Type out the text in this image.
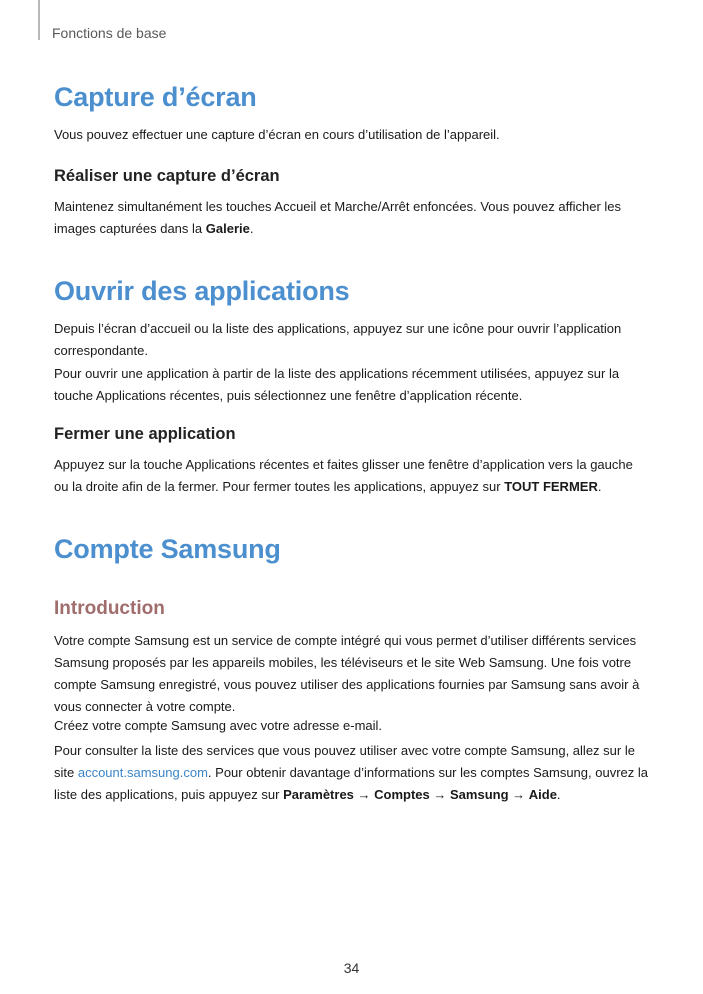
Fonctions de base
Capture d’écran

Vous pouvez effectuer une capture d’écran en cours d’utilisation de l’appareil.

Réaliser une capture d’écran

Maintenez simultanément les touches Accueil et Marche/Arrêt enfoncées. Vous pouvez afficher les images capturées dans la Galerie.

Ouvrir des applications

Depuis l’écran d’accueil ou la liste des applications, appuyez sur une icône pour ouvrir l’application correspondante.

Pour ouvrir une application à partir de la liste des applications récemment utilisées, appuyez sur la touche Applications récentes, puis sélectionnez une fenêtre d’application récente.

Fermer une application

Appuyez sur la touche Applications récentes et faites glisser une fenêtre d’application vers la gauche ou la droite afin de la fermer. Pour fermer toutes les applications, appuyez sur TOUT FERMER.

Compte Samsung
Introduction

Votre compte Samsung est un service de compte intégré qui vous permet d’utiliser différents services Samsung proposés par les appareils mobiles, les téléviseurs et le site Web Samsung. Une fois votre compte Samsung enregistré, vous pouvez utiliser des applications fournies par Samsung sans avoir à vous connecter à votre compte.

Créez votre compte Samsung avec votre adresse e-mail.

Pour consulter la liste des services que vous pouvez utiliser avec votre compte Samsung, allez sur le site account.samsung.com. Pour obtenir davantage d’informations sur les comptes Samsung, ouvrez la liste des applications, puis appuyez sur Paramètres → Comptes → Samsung → Aide.

34
